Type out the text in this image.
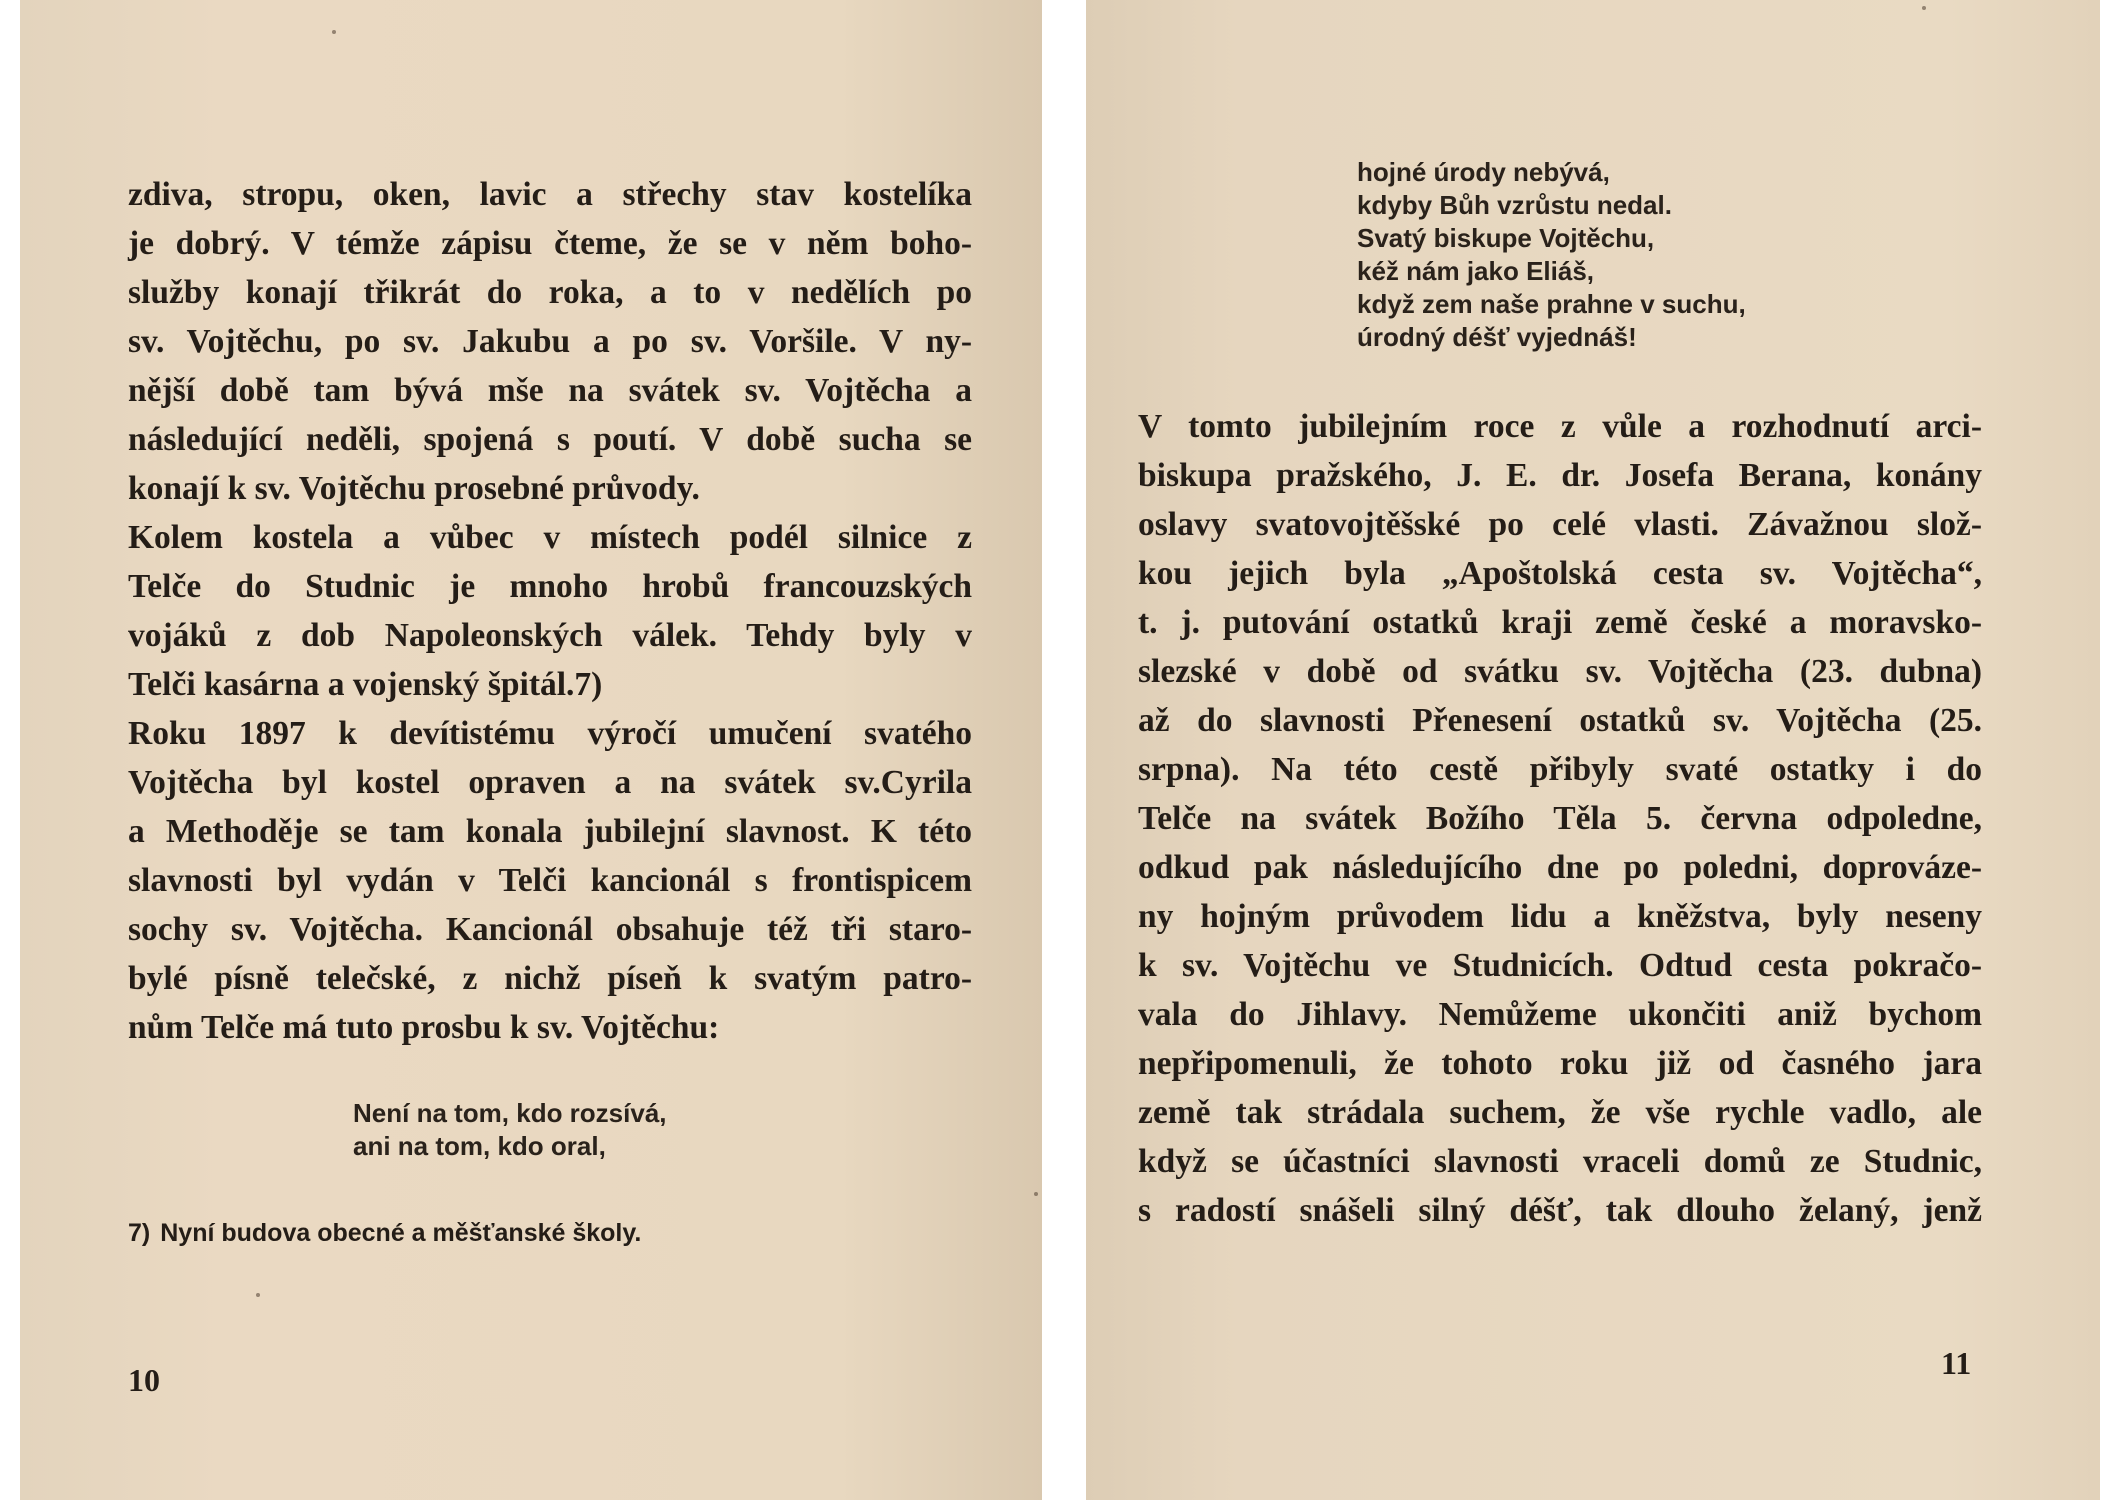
zdiva, stropu, oken, lavic a střechy stav kostelíka
je dobrý. V témže zápisu čteme, že se v něm boho-
služby konají třikrát do roka, a to v nedělích po
sv. Vojtěchu, po sv. Jakubu a po sv. Voršile. V ny-
nější době tam bývá mše na svátek sv. Vojtěcha a
následující neděli, spojená s poutí. V době sucha se
konají k sv. Vojtěchu prosebné průvody.
Kolem kostela a vůbec v místech podél silnice z
Telče do Studnic je mnoho hrobů francouzských
vojáků z dob Napoleonských válek. Tehdy byly v
Telči kasárna a vojenský špitál.7)
Roku 1897 k devítistému výročí umučení svatého
Vojtěcha byl kostel opraven a na svátek sv.Cyrila
a Methoděje se tam konala jubilejní slavnost. K této
slavnosti byl vydán v Telči kancionál s frontispicem
sochy sv. Vojtěcha. Kancionál obsahuje též tři staro-
bylé písně telečské, z nichž píseň k svatým patro-
nům Telče má tuto prosbu k sv. Vojtěchu:
Není na tom, kdo rozsívá,
ani na tom, kdo oral,
7) Nyní budova obecné a měšťanské školy.
10
hojné úrody nebývá,
kdyby Bůh vzrůstu nedal.
Svatý biskupe Vojtěchu,
kéž nám jako Eliáš,
když zem naše prahne v suchu,
úrodný déšť vyjednáš!
V tomto jubilejním roce z vůle a rozhodnutí arci-
biskupa pražského, J. E. dr. Josefa Berana, konány
oslavy svatovojtěšské po celé vlasti. Závažnou slož-
kou jejich byla „Apoštolská cesta sv. Vojtěcha“,
t. j. putování ostatků kraji země české a moravsko-
slezské v době od svátku sv. Vojtěcha (23. dubna)
až do slavnosti Přenesení ostatků sv. Vojtěcha (25.
srpna). Na této cestě přibyly svaté ostatky i do
Telče na svátek Božího Těla 5. června odpoledne,
odkud pak následujícího dne po poledni, doprovázе-
ny hojným průvodem lidu a kněžstva, byly neseny
k sv. Vojtěchu ve Studnicích. Odtud cesta pokračo-
vala do Jihlavy. Nemůžeme ukončiti aniž bychom
nepřipomenuli, že tohoto roku již od časného jara
země tak strádala suchem, že vše rychle vadlo, ale
když se účastníci slavnosti vraceli domů ze Studnic,
s radostí snášeli silný déšť, tak dlouho želaný, jenž
11
